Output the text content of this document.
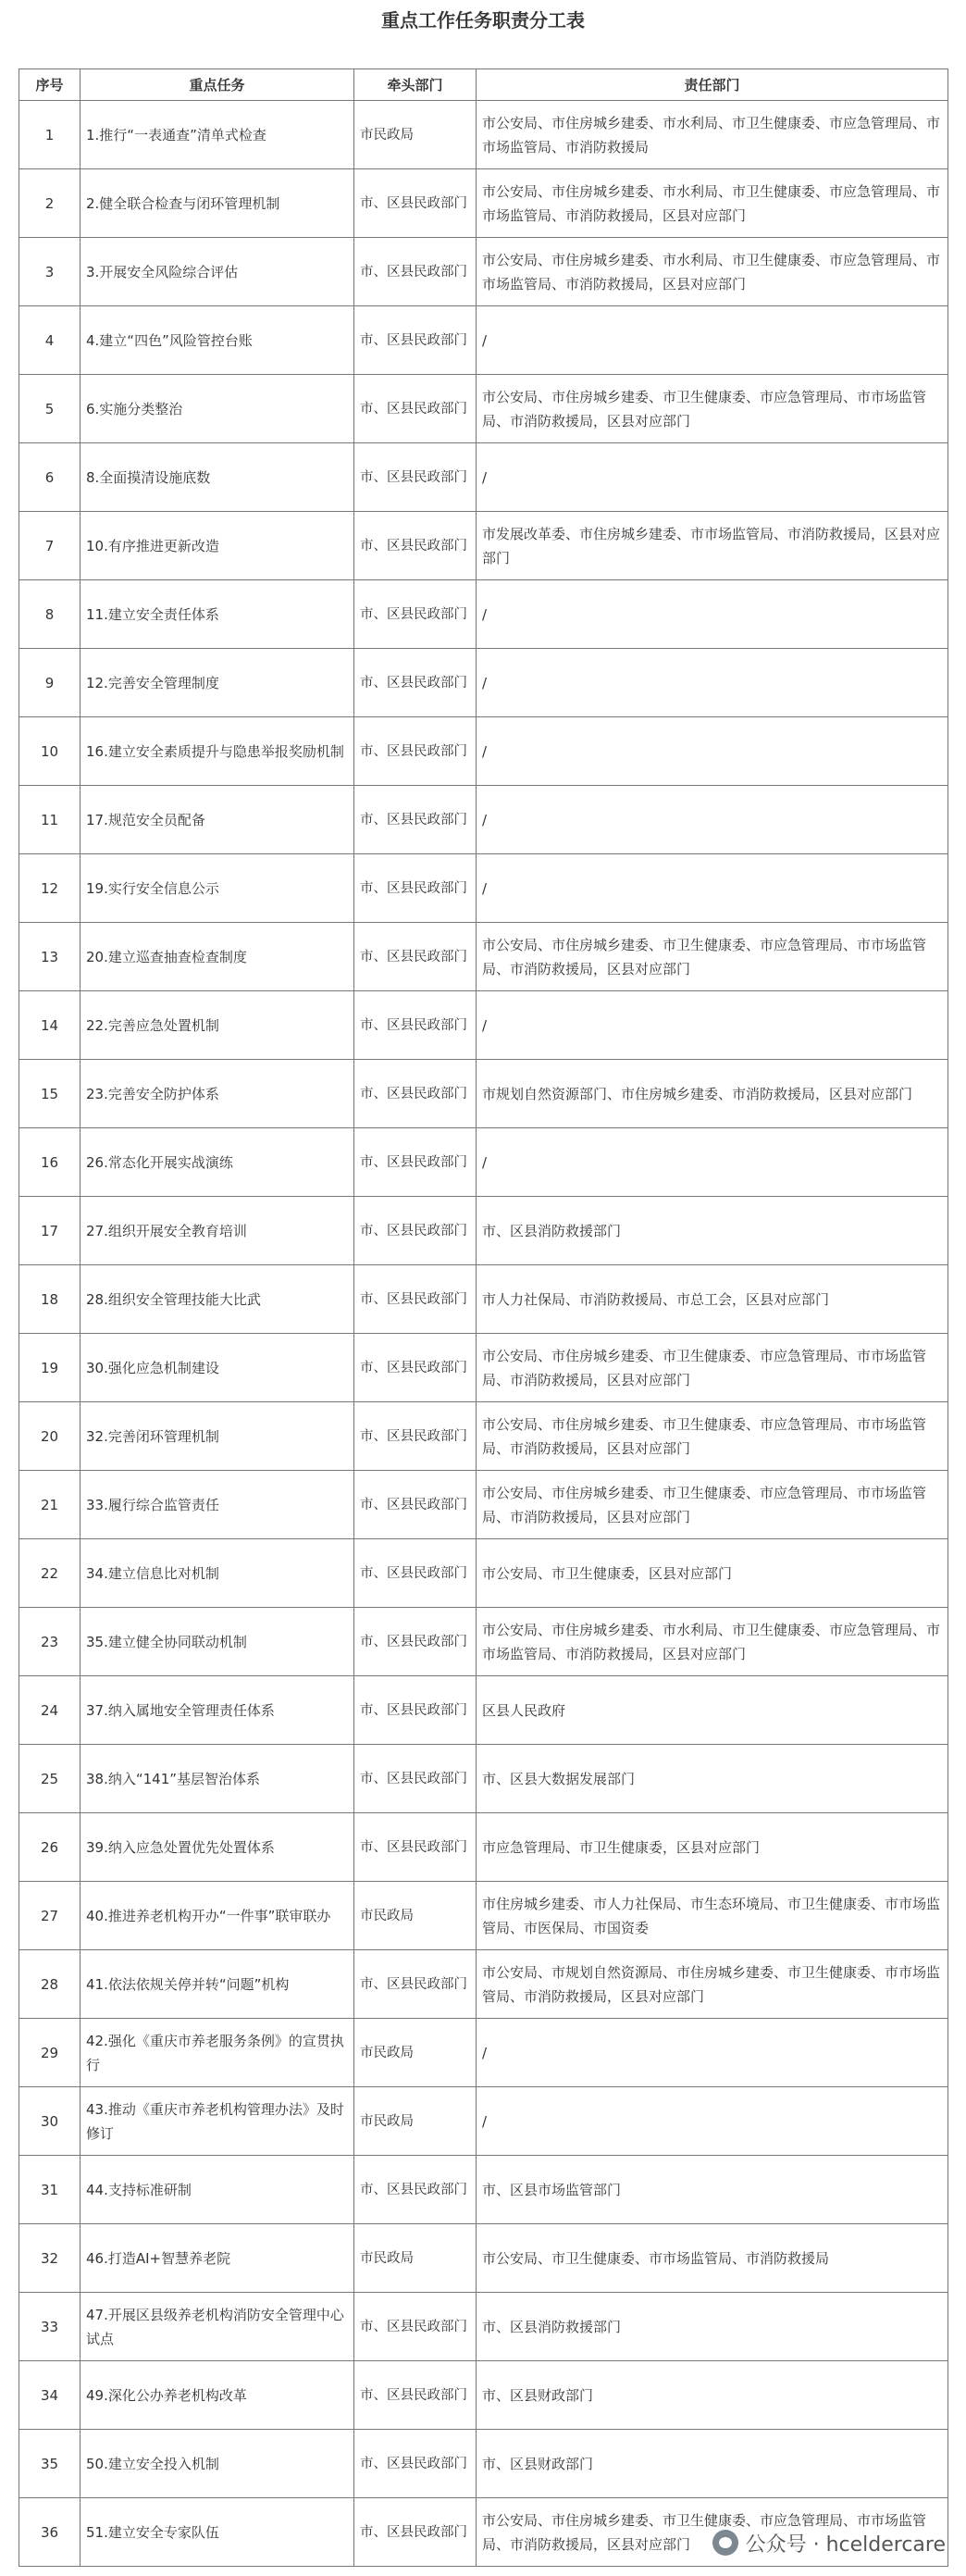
重点工作任务职责分工表
序号	重点任务	牵头部门	责任部门
1	1.推行“一表通查”清单式检查	市民政局	市公安局、市住房城乡建委、市水利局、市卫生健康委、市应急管理局、市市场监管局、市消防救援局
2	2.健全联合检查与闭环管理机制	市、区县民政部门	市公安局、市住房城乡建委、市水利局、市卫生健康委、市应急管理局、市市场监管局、市消防救援局，区县对应部门
3	3.开展安全风险综合评估	市、区县民政部门	市公安局、市住房城乡建委、市水利局、市卫生健康委、市应急管理局、市市场监管局、市消防救援局，区县对应部门
4	4.建立“四色”风险管控台账	市、区县民政部门	/
5	6.实施分类整治	市、区县民政部门	市公安局、市住房城乡建委、市卫生健康委、市应急管理局、市市场监管局、市消防救援局，区县对应部门
6	8.全面摸清设施底数	市、区县民政部门	/
7	10.有序推进更新改造	市、区县民政部门	市发展改革委、市住房城乡建委、市市场监管局、市消防救援局，区县对应部门
8	11.建立安全责任体系	市、区县民政部门	/
9	12.完善安全管理制度	市、区县民政部门	/
10	16.建立安全素质提升与隐患举报奖励机制	市、区县民政部门	/
11	17.规范安全员配备	市、区县民政部门	/
12	19.实行安全信息公示	市、区县民政部门	/
13	20.建立巡查抽查检查制度	市、区县民政部门	市公安局、市住房城乡建委、市卫生健康委、市应急管理局、市市场监管局、市消防救援局，区县对应部门
14	22.完善应急处置机制	市、区县民政部门	/
15	23.完善安全防护体系	市、区县民政部门	市规划自然资源部门、市住房城乡建委、市消防救援局，区县对应部门
16	26.常态化开展实战演练	市、区县民政部门	/
17	27.组织开展安全教育培训	市、区县民政部门	市、区县消防救援部门
18	28.组织安全管理技能大比武	市、区县民政部门	市人力社保局、市消防救援局、市总工会，区县对应部门
19	30.强化应急机制建设	市、区县民政部门	市公安局、市住房城乡建委、市卫生健康委、市应急管理局、市市场监管局、市消防救援局，区县对应部门
20	32.完善闭环管理机制	市、区县民政部门	市公安局、市住房城乡建委、市卫生健康委、市应急管理局、市市场监管局、市消防救援局，区县对应部门
21	33.履行综合监管责任	市、区县民政部门	市公安局、市住房城乡建委、市卫生健康委、市应急管理局、市市场监管局、市消防救援局，区县对应部门
22	34.建立信息比对机制	市、区县民政部门	市公安局、市卫生健康委，区县对应部门
23	35.建立健全协同联动机制	市、区县民政部门	市公安局、市住房城乡建委、市水利局、市卫生健康委、市应急管理局、市市场监管局、市消防救援局，区县对应部门
24	37.纳入属地安全管理责任体系	市、区县民政部门	区县人民政府
25	38.纳入“141”基层智治体系	市、区县民政部门	市、区县大数据发展部门
26	39.纳入应急处置优先处置体系	市、区县民政部门	市应急管理局、市卫生健康委，区县对应部门
27	40.推进养老机构开办“一件事”联审联办	市民政局	市住房城乡建委、市人力社保局、市生态环境局、市卫生健康委、市市场监管局、市医保局、市国资委
28	41.依法依规关停并转“问题”机构	市、区县民政部门	市公安局、市规划自然资源局、市住房城乡建委、市卫生健康委、市市场监管局、市消防救援局，区县对应部门
29	42.强化《重庆市养老服务条例》的宣贯执行	市民政局	/
30	43.推动《重庆市养老机构管理办法》及时修订	市民政局	/
31	44.支持标准研制	市、区县民政部门	市、区县市场监管部门
32	46.打造AI+智慧养老院	市民政局	市公安局、市卫生健康委、市市场监管局、市消防救援局
33	47.开展区县级养老机构消防安全管理中心试点	市、区县民政部门	市、区县消防救援部门
34	49.深化公办养老机构改革	市、区县民政部门	市、区县财政部门
35	50.建立安全投入机制	市、区县民政部门	市、区县财政部门
36	51.建立安全专家队伍	市、区县民政部门	市公安局、市住房城乡建委、市卫生健康委、市应急管理局、市市场监管局、市消防救援局，区县对应部门	公众号 · hcelderc​are
